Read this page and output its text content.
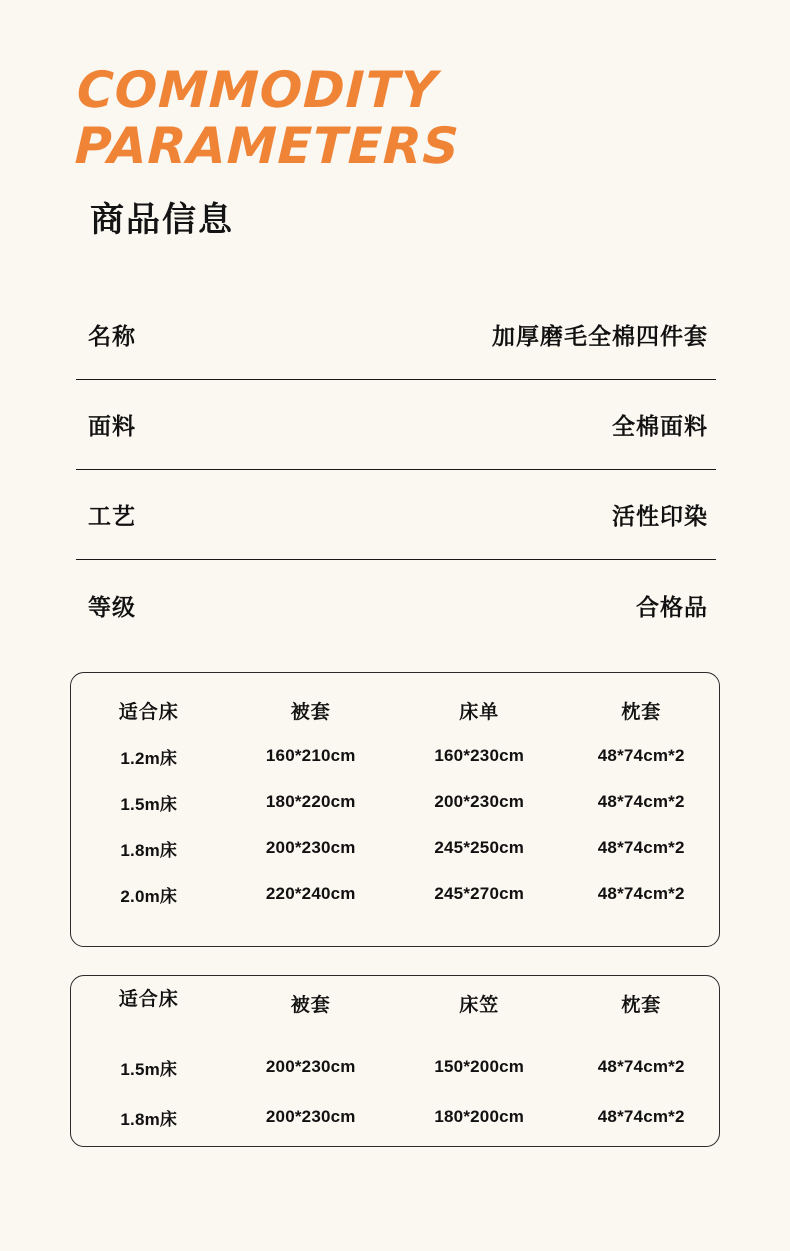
COMMODITY
PARAMETERS
商品信息
名称	加厚磨毛全棉四件套
面料	全棉面料
工艺	活性印染
等级	合格品
适合床	被套	床单	枕套
1.2m床	160*210cm	160*230cm	48*74cm*2
1.5m床	180*220cm	200*230cm	48*74cm*2
1.8m床	200*230cm	245*250cm	48*74cm*2
2.0m床	220*240cm	245*270cm	48*74cm*2
适合床	被套	床笠	枕套
1.5m床	200*230cm	150*200cm	48*74cm*2
1.8m床	200*230cm	180*200cm	48*74cm*2
